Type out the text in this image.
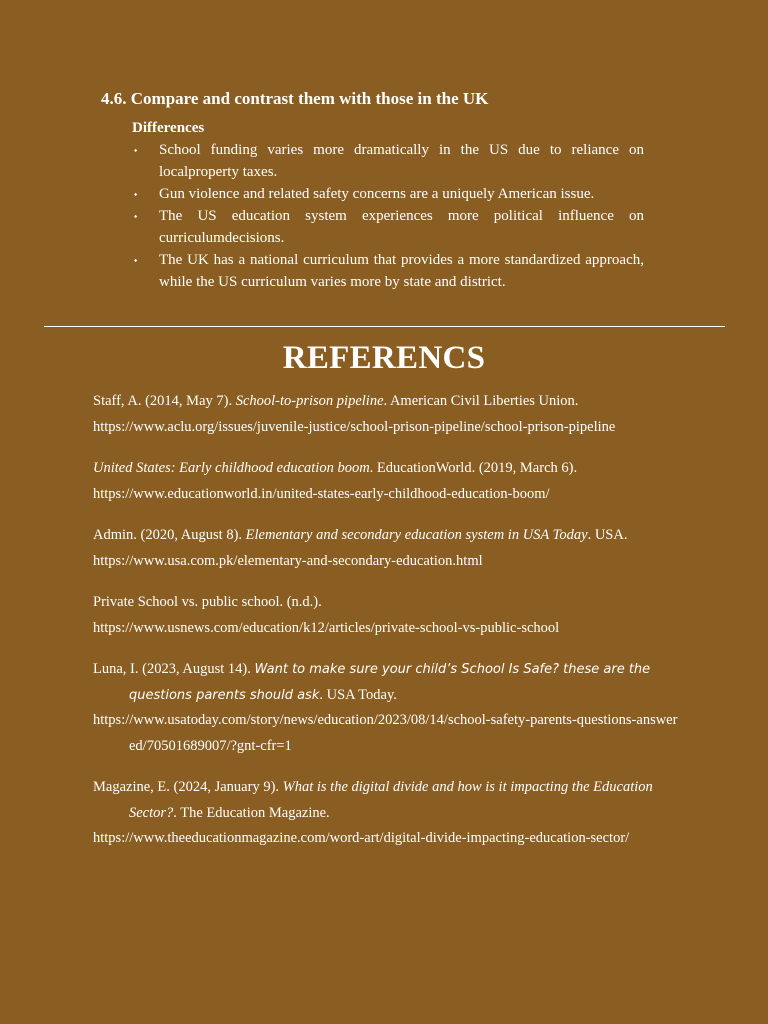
4.6. Compare and contrast them with those in the UK
Differences
⬩ School funding varies more dramatically in the US due to reliance on localproperty taxes.
⬩ Gun violence and related safety concerns are a uniquely American issue.
⬩ The US education system experiences more political influence on curriculumdecisions.
⬩ The UK has a national curriculum that provides a more standardized approach, while the US curriculum varies more by state and district.
REFERENCS
Staff, A. (2014, May 7). School-to-prison pipeline. American Civil Liberties Union.
https://www.aclu.org/issues/juvenile-justice/school-prison-pipeline/school-prison-pipeline
United States: Early childhood education boom. EducationWorld. (2019, March 6).
https://www.educationworld.in/united-states-early-childhood-education-boom/
Admin. (2020, August 8). Elementary and secondary education system in USA Today. USA.
https://www.usa.com.pk/elementary-and-secondary-education.html
Private School vs. public school. (n.d.).
https://www.usnews.com/education/k12/articles/private-school-vs-public-school
Luna, I. (2023, August 14). Want to make sure your child’s School Is Safe? these are the questions parents should ask. USA Today.
https://www.usatoday.com/story/news/education/2023/08/14/school-safety-parents-questions-answered/70501689007/?gnt-cfr=1
Magazine, E. (2024, January 9). What is the digital divide and how is it impacting the Education Sector?. The Education Magazine.
https://www.theeducationmagazine.com/word-art/digital-divide-impacting-education-sector/
